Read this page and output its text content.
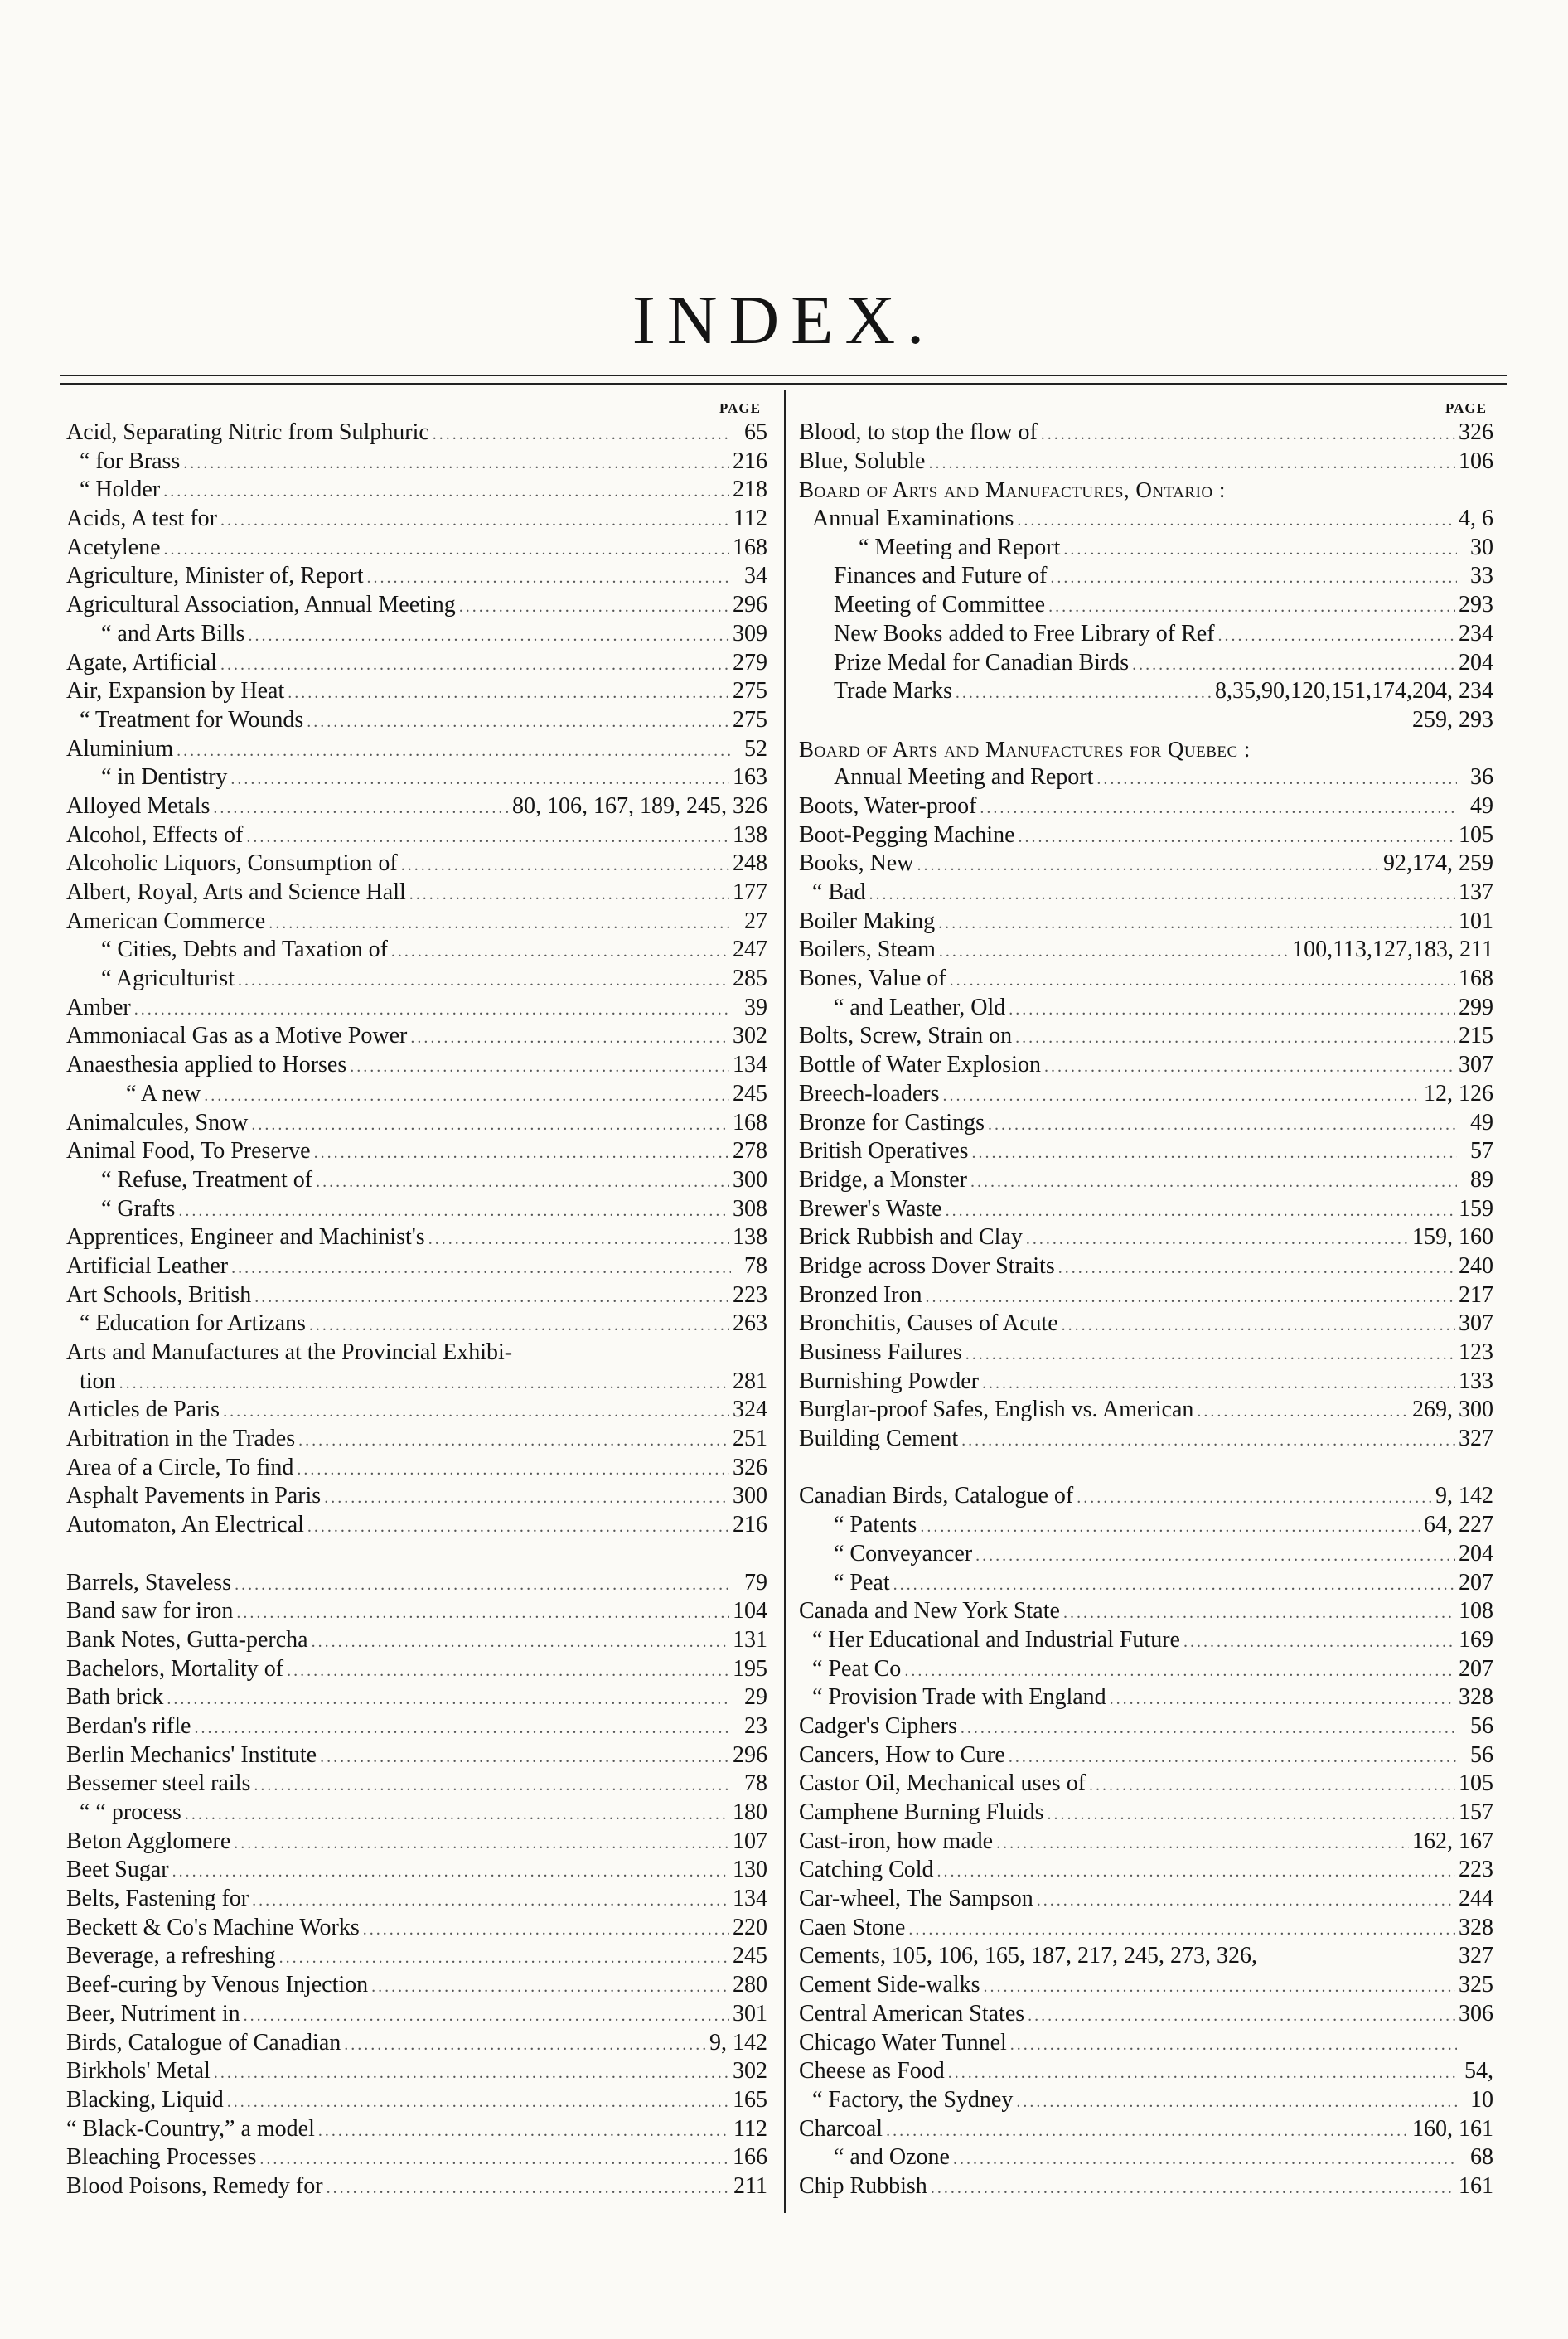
INDEX.
PAGE
Acid, Separating Nitric from Sulphuric .....	65
“ for Brass .....	216
“ Holder .....	218
Acids, A test for .....	112
Acetylene .....	168
Agriculture, Minister of, Report .....	34
Agricultural Association, Annual Meeting .....	296
“ and Arts Bills .....	309
Agate, Artificial .....	279
Air, Expansion by Heat .....	275
“ Treatment for Wounds .....	275
Aluminium .....	52
“ in Dentistry .....	163
Alloyed Metals .....	80, 106, 167, 189, 245, 326
Alcohol, Effects of .....	138
Alcoholic Liquors, Consumption of .....	248
Albert, Royal, Arts and Science Hall .....	177
American Commerce .....	27
“ Cities, Debts and Taxation of .....	247
“ Agriculturist .....	285
Amber .....	39
Ammoniacal Gas as a Motive Power .....	302
Anaesthesia applied to Horses .....	134
“ A new .....	245
Animalcules, Snow .....	168
Animal Food, To Preserve .....	278
“ Refuse, Treatment of .....	300
“ Grafts .....	308
Apprentices, Engineer and Machinist's .....	138
Artificial Leather .....	78
Art Schools, British .....	223
“ Education for Artizans .....	263
Arts and Manufactures at the Provincial Exhibi-
tion .....	281
Articles de Paris .....	324
Arbitration in the Trades .....	251
Area of a Circle, To find .....	326
Asphalt Pavements in Paris .....	300
Automaton, An Electrical .....	216
Barrels, Staveless .....	79
Band saw for iron .....	104
Bank Notes, Gutta-percha .....	131
Bachelors, Mortality of .....	195
Bath brick .....	29
Berdan's rifle .....	23
Berlin Mechanics' Institute .....	296
Bessemer steel rails .....	78
“ “ process .....	180
Beton Agglomere .....	107
Beet Sugar .....	130
Belts, Fastening for .....	134
Beckett & Co's Machine Works .....	220
Beverage, a refreshing .....	245
Beef-curing by Venous Injection .....	280
Beer, Nutriment in .....	301
Birds, Catalogue of Canadian .....	9, 142
Birkhols' Metal .....	302
Blacking, Liquid .....	165
“ Black-Country,” a model .....	112
Bleaching Processes .....	166
Blood Poisons, Remedy for .....	211
PAGE
Blood, to stop the flow of .....	326
Blue, Soluble .....	106
Board of Arts and Manufactures, Ontario :
Annual Examinations .....	4, 6
“ Meeting and Report .....	30
Finances and Future of .....	33
Meeting of Committee .....	293
New Books added to Free Library of Ref .....	234
Prize Medal for Canadian Birds .....	204
Trade Marks .....	8,35,90,120,151,174,204, 234
259, 293
Board of Arts and Manufactures for Quebec :
Annual Meeting and Report .....	36
Boots, Water-proof .....	49
Boot-Pegging Machine .....	105
Books, New .....	92,174, 259
“ Bad .....	137
Boiler Making .....	101
Boilers, Steam .....	100,113,127,183, 211
Bones, Value of .....	168
“ and Leather, Old .....	299
Bolts, Screw, Strain on .....	215
Bottle of Water Explosion .....	307
Breech-loaders .....	12, 126
Bronze for Castings .....	49
British Operatives .....	57
Bridge, a Monster .....	89
Brewer's Waste .....	159
Brick Rubbish and Clay .....	159, 160
Bridge across Dover Straits .....	240
Bronzed Iron .....	217
Bronchitis, Causes of Acute .....	307
Business Failures .....	123
Burnishing Powder .....	133
Burglar-proof Safes, English vs. American .....	269, 300
Building Cement .....	327
Canadian Birds, Catalogue of .....	9, 142
“ Patents .....	64, 227
“ Conveyancer .....	204
“ Peat .....	207
Canada and New York State .....	108
“ Her Educational and Industrial Future .....	169
“ Peat Co .....	207
“ Provision Trade with England .....	328
Cadger's Ciphers .....	56
Cancers, How to Cure .....	56
Castor Oil, Mechanical uses of .....	105
Camphene Burning Fluids .....	157
Cast-iron, how made .....	162, 167
Catching Cold .....	223
Car-wheel, The Sampson .....	244
Caen Stone .....	328
Cements, 105, 106, 165, 187, 217, 245, 273, 326,	327
Cement Side-walks .....	325
Central American States .....	306
Chicago Water Tunnel
.....
Cheese as Food .....	54,
“ Factory, the Sydney .....	10
Charcoal .....	160, 161
“ and Ozone .....	68
Chip Rubbish .....	161
